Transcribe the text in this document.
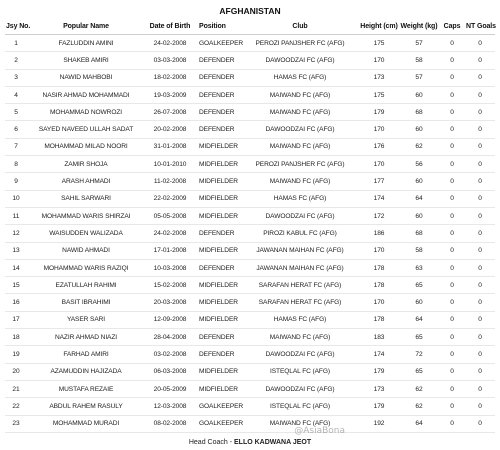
AFGHANISTAN
Jsy No.	Popular Name	Date of Birth	Position	Club	Height (cm)	Weight (kg)	Caps	NT Goals
1	FAZLUDDIN AMINI	24-02-2008	GOALKEEPER	PEROZI PANJSHER FC (AFG)	175	57	0	0
2	SHAKEB AMIRI	03-03-2008	DEFENDER	DAWOODZAI FC (AFG)	170	58	0	0
3	NAWID MAHBOBI	18-02-2008	DEFENDER	HAMAS FC (AFG)	173	57	0	0
4	NASIR AHMAD MOHAMMADI	19-03-2009	DEFENDER	MAIWAND FC (AFG)	175	60	0	0
5	MOHAMMAD NOWROZI	26-07-2008	DEFENDER	MAIWAND FC (AFG)	179	68	0	0
6	SAYED NAVEED ULLAH SADAT	20-02-2008	DEFENDER	DAWOODZAI FC (AFG)	170	60	0	0
7	MOHAMMAD MILAD NOORI	31-01-2008	MIDFIELDER	MAIWAND FC (AFG)	176	62	0	0
8	ZAMIR SHOJA	10-01-2010	MIDFIELDER	PEROZI PANJSHER FC (AFG)	170	56	0	0
9	ARASH AHMADI	11-02-2008	MIDFIELDER	MAIWAND FC (AFG)	177	60	0	0
10	SAHIL SARWARI	22-02-2009	MIDFIELDER	HAMAS FC (AFG)	174	64	0	0
11	MOHAMMAD WARIS SHIRZAI	05-05-2008	MIDFIELDER	DAWOODZAI FC (AFG)	172	60	0	0
12	WAISUDDEN WALIZADA	24-02-2008	DEFENDER	PIROZI KABUL FC (AFG)	186	68	0	0
13	NAWID AHMADI	17-01-2008	MIDFIELDER	JAWANAN MAIHAN FC (AFG)	170	58	0	0
14	MOHAMMAD WARIS RAZIQI	10-03-2008	DEFENDER	JAWANAN MAIHAN FC (AFG)	178	63	0	0
15	EZATULLAH RAHIMI	15-02-2008	MIDFIELDER	SARAFAN HERAT FC (AFG)	178	65	0	0
16	BASIT IBRAHIMI	20-03-2008	MIDFIELDER	SARAFAN HERAT FC (AFG)	170	60	0	0
17	YASER SARI	12-09-2008	MIDFIELDER	HAMAS FC (AFG)	178	64	0	0
18	NAZIR AHMAD NIAZI	28-04-2008	DEFENDER	MAIWAND FC (AFG)	183	65	0	0
19	FARHAD AMIRI	03-02-2008	DEFENDER	DAWOODZAI FC (AFG)	174	72	0	0
20	AZAMUDDIN HAJIZADA	06-03-2008	MIDFIELDER	ISTEQLAL FC (AFG)	179	65	0	0
21	MUSTAFA REZAIE	20-05-2009	MIDFIELDER	DAWOODZAI FC (AFG)	173	62	0	0
22	ABDUL RAHEM RASULY	12-03-2008	GOALKEEPER	ISTEQLAL FC (AFG)	179	62	0	0
23	MOHAMMAD MURADI	08-02-2008	GOALKEEPER	MAIWAND FC (AFG)	192	64	0	0
Head Coach - ELLO KADWANA JEOT
@AsiaBona
